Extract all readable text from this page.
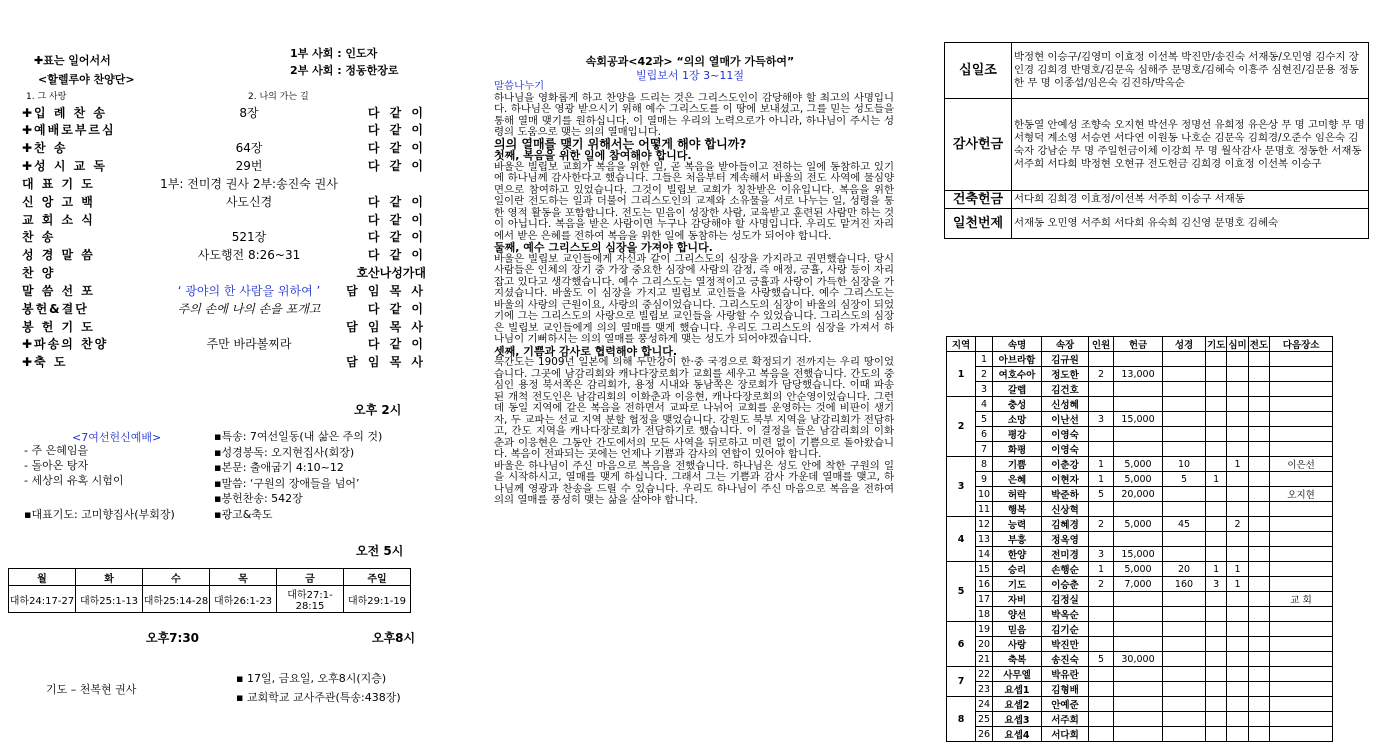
✚표는 일어서서
<할렐루야 찬양단>
1부 사회 : 인도자
2부 사회 : 정동한장로
1. 그 사랑	2. 나의 가는 길
✚입 례 찬 송	8장	다 같 이
✚예배로부르심	다 같 이
✚찬 송	64장	다 같 이
✚성 시 교 독	29번	다 같 이
대 표 기 도	1부: 전미경 권사 2부:송진숙 권사
신 앙 고 백	사도신경	다 같 이
교 회 소 식	다 같 이
찬 송	521장	다 같 이
성 경 말 씀	사도행전 8:26~31	다 같 이
찬 양	호산나성가대
말 씀 선 포	‘ 광야의 한 사람을 위하여 ’	담 임 목 사
봉헌&결단	주의 손에 나의 손을 포개고	다 같 이
봉 헌 기 도	담 임 목 사
✚파송의 찬양	주만 바라볼찌라	다 같 이
✚축 도	담 임 목 사
오후 2시
<7여선헌신예배>
- 주 은혜임을
- 돌아온 탕자
- 세상의 유혹 시험이
▪대표기도: 고미향집사(부회장)
▪특송: 7여선일동(내 삶은 주의 것)
▪성경봉독: 오지현집사(회장)
▪본문: 출애굽기 4:10~12
▪말씀: ‘구원의 장애들을 넘어’
▪봉헌찬송: 542장
▪광고&축도
오전 5시
월	화	수	목	금	주일
대하24:17-27	대하25:1-13	대하25:14-28	대하26:1-23	대하27:1-28:15	대하29:1-19
오후7:30	오후8시
기도 – 천복현 권사
▪ 17일, 금요일, 오후8시(지층)
▪ 교회학교 교사주관(특송:438장)
속회공과<42과> “의의 열매가 가득하여”
빌립보서 1장 3~11절
말씀나누기

하나님을 영화롭게 하고 찬양을 드리는 것은 그리스도인이 감당해야 할 최고의 사명입니다. 하나님은 영광 받으시기 위해 예수 그리스도를 이 땅에 보내셨고, 그를 믿는 성도들을 통해 열매 맺기를 원하십니다. 이 열매는 우리의 노력으로가 아니라, 하나님이 주시는 성령의 도움으로 맺는 의의 열매입니다.

의의 열매를 맺기 위해서는 어떻게 해야 합니까?
첫째, 복음을 위한 일에 참여해야 합니다.

바울은 빌립보 교회가 복음을 위한 일, 곧 복음을 받아들이고 전하는 일에 동참하고 있기에 하나님께 감사한다고 했습니다. 그들은 처음부터 계속해서 바울의 전도 사역에 물심양면으로 참여하고 있었습니다. 그것이 빌립보 교회가 칭찬받은 이유입니다. 복음을 위한 일이란 전도하는 일과 더불어 그리스도인의 교제와 소유물을 서로 나누는 일, 성령을 통한 영적 활동을 포함합니다. 전도는 믿음이 성장한 사람, 교육받고 훈련된 사람만 하는 것이 아닙니다. 복음을 받은 사람이면 누구나 감당해야 할 사명입니다. 우리도 맡겨진 자리에서 받은 은혜를 전하여 복음을 위한 일에 동참하는 성도가 되어야 합니다.

둘째, 예수 그리스도의 심장을 가져야 합니다.

바울은 빌립보 교인들에게 자신과 같이 그리스도의 심장을 가지라고 권면했습니다. 당시 사람들은 인체의 장기 중 가장 중요한 심장에 사람의 감정, 즉 애정, 긍휼, 사랑 등이 자리 잡고 있다고 생각했습니다. 예수 그리스도는 열정적이고 긍휼과 사랑이 가득한 심장을 가지셨습니다. 바울도 이 심장을 가지고 빌립보 교인들을 사랑했습니다. 예수 그리스도는 바울의 사랑의 근원이요, 사랑의 중심이었습니다. 그리스도의 심장이 바울의 심장이 되었기에 그는 그리스도의 사랑으로 빌립보 교인들을 사랑할 수 있었습니다. 그리스도의 심장은 빌립보 교인들에게 의의 열매를 맺게 했습니다. 우리도 그리스도의 심장을 가져서 하나님이 기뻐하시는 의의 열매를 풍성하게 맺는 성도가 되어야겠습니다.

셋째, 기쁨과 감사로 협력해야 합니다.

북간도는 1909년 일본에 의해 두만강이 한·중 국경으로 확정되기 전까지는 우리 땅이었습니다. 그곳에 남감리회와 캐나다장로회가 교회를 세우고 복음을 전했습니다. 간도의 중심인 용정 북서쪽은 감리회가, 용정 시내와 동남쪽은 장로회가 담당했습니다. 이때 파송된 개척 전도인은 남감리회의 이화춘과 이응현, 캐나다장로회의 안순영이었습니다. 그런데 동일 지역에 같은 복음을 전하면서 교파로 나뉘어 교회를 운영하는 것에 비판이 생기자, 두 교파는 선교 지역 분할 협정을 맺었습니다. 강원도 북부 지역을 남감리회가 전담하고, 간도 지역을 캐나다장로회가 전담하기로 했습니다. 이 결정을 들은 남감리회의 이화춘과 이응현은 그동안 간도에서의 모든 사역을 뒤로하고 미련 없이 기쁨으로 돌아왔습니다. 복음이 전파되는 곳에는 언제나 기쁨과 감사의 연합이 있어야 합니다.

바울은 하나님이 주신 마음으로 복음을 전했습니다. 하나님은 성도 안에 착한 구원의 일을 시작하시고, 열매를 맺게 하십니다. 그래서 그는 기쁨과 감사 가운데 열매를 맺고, 하나님께 영광과 찬송을 드릴 수 있습니다. 우리도 하나님이 주신 마음으로 복음을 전하여 의의 열매를 풍성히 맺는 삶을 살아야 합니다.

십일조	박정현 이승구/김영미 이효정 이선복 박진만/송진숙 서재동/오민영 김수지 장인경 김희경 반명호/김문옥 심해주 문명호/김혜숙 이흥주 심현진/김문용 정동한 무 명 이종섭/임은숙 김진하/박옥순
감사헌금	한동열 안예성 조향숙 오지현 박선우 정명선 유희정 유은상 무 명 고미향 무 명 서형덕 계소영 서승연 서다연 이원동 나호순 김문옥 김희경/오준수 임은숙 김숙자 강남순 무 명 주일헌금이체 이강희 무 명 월삭감사 문명호 정동한 서재동 서주희 서다희 박정현 오현규 전도헌금 김희경 이효정 이선복 이승구
건축헌금	서다희 김희경 이효정/이선복 서주희 이승구 서재동
일천번제	서재동 오민영 서주희 서다희 유숙희 김신영 문명호 김혜숙
지역		속명	속장	인원	헌금	성경	기도	심미	전도	다음장소
1	1	아브라함	김규원							
	2	여호수아	정도한	2	13,000					
	3	갈렙	김건호							
2	4	충성	신성혜							
	5	소망	이난선	3	15,000					
	6	평강	이영숙							
	7	화평	이영숙							
3	8	기쁨	이춘강	1	5,000	10		1		이은선
	9	은혜	이현자	1	5,000	5	1			
	10	허락	박준하	5	20,000					오지현
	11	행복	신상혁							
4	12	능력	김혜경	2	5,000	45		2		
	13	부흥	정옥영							
	14	한양	전미경	3	15,000					
5	15	승리	손행순	1	5,000	20	1	1		
	16	기도	이승춘	2	7,000	160	3	1		
	17	자비	김정실							교 회
	18	양선	박옥순							
6	19	믿음	김기순							
	20	사랑	박진만							
	21	축복	송진숙	5	30,000					
7	22	사무엘	박유란							
	23	요셉1	김형배							
8	24	요셉2	안예준							
	25	요셉3	서주희							
	26	요셉4	서다희							
